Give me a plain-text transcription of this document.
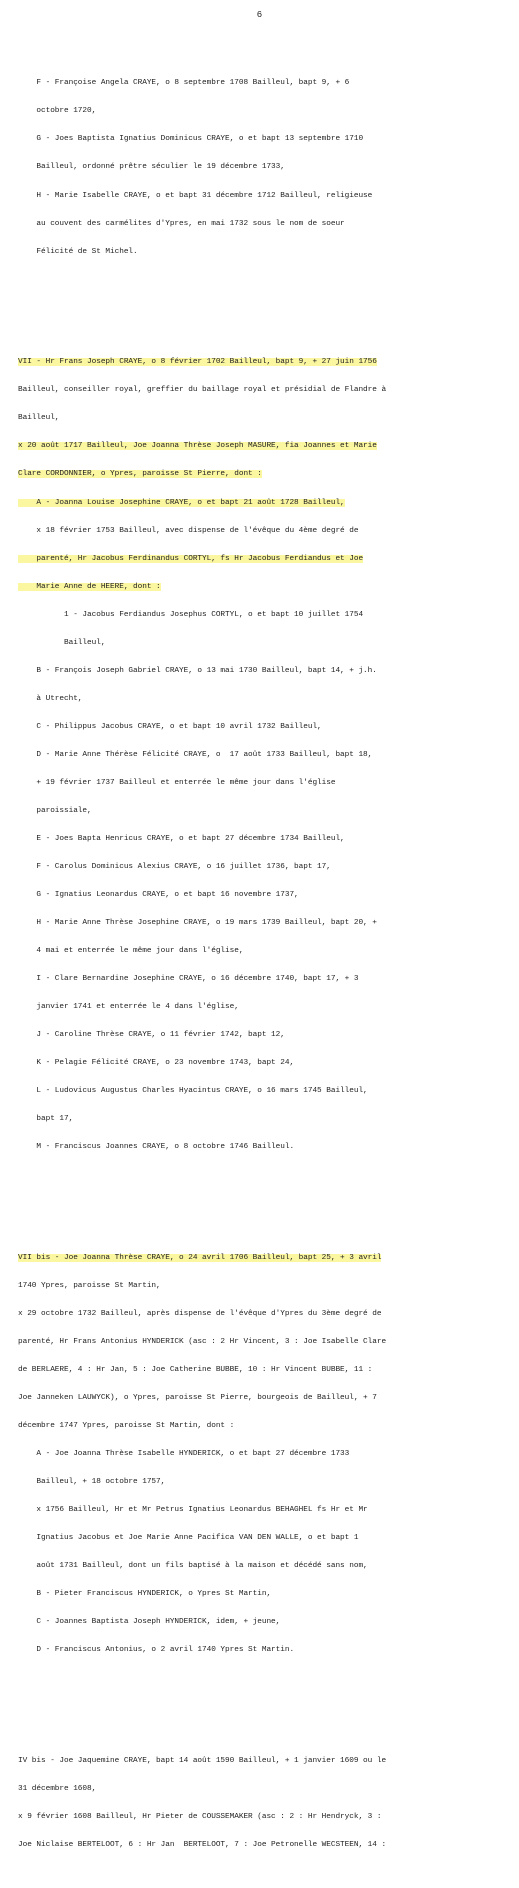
6

F - Françoise Angela CRAYE, o 8 septembre 1708 Bailleul, bapt 9, + 6

octobre 1720,

G - Joes Baptista Ignatius Dominicus CRAYE, o et bapt 13 septembre 1710

Bailleul, ordonné prêtre séculier le 19 décembre 1733,

H - Marie Isabelle CRAYE, o et bapt 31 décembre 1712 Bailleul, religieuse

au couvent des carmélites d'Ypres, en mai 1732 sous le nom de soeur

Félicité de St Michel.

VII - Hr Frans Joseph CRAYE, o 8 février 1702 Bailleul, bapt 9, + 27 juin 1756

Bailleul, conseiller royal, greffier du baillage royal et présidial de Flandre à

Bailleul,

x 20 août 1717 Bailleul, Joe Joanna Thrèse Joseph MASURE, fia Joannes et Marie

Clare CORDONNIER, o Ypres, paroisse St Pierre, dont :

A - Joanna Louise Josephine CRAYE, o et bapt 21 août 1728 Bailleul,

x 18 février 1753 Bailleul, avec dispense de l'évêque du 4ème degré de

parenté, Hr Jacobus Ferdinandus CORTYL, fs Hr Jacobus Ferdiandus et Joe

Marie Anne de HEERE, dont :

1 - Jacobus Ferdiandus Josephus CORTYL, o et bapt 10 juillet 1754

Bailleul,

B - François Joseph Gabriel CRAYE, o 13 mai 1730 Bailleul, bapt 14, + j.h.

à Utrecht,

C - Philippus Jacobus CRAYE, o et bapt 10 avril 1732 Bailleul,

D - Marie Anne Thérèse Félicité CRAYE, o  17 août 1733 Bailleul, bapt 18,

+ 19 février 1737 Bailleul et enterrée le même jour dans l'église

paroissiale,

E - Joes Bapta Henricus CRAYE, o et bapt 27 décembre 1734 Bailleul,

F - Carolus Dominicus Alexius CRAYE, o 16 juillet 1736, bapt 17,

G - Ignatius Leonardus CRAYE, o et bapt 16 novembre 1737,

H - Marie Anne Thrèse Josephine CRAYE, o 19 mars 1739 Bailleul, bapt 20, +

4 mai et enterrée le même jour dans l'église,

I - Clare Bernardine Josephine CRAYE, o 16 décembre 1740, bapt 17, + 3

janvier 1741 et enterrée le 4 dans l'église,

J - Caroline Thrèse CRAYE, o 11 février 1742, bapt 12,

K - Pelagie Félicité CRAYE, o 23 novembre 1743, bapt 24,

L - Ludovicus Augustus Charles Hyacintus CRAYE, o 16 mars 1745 Bailleul,

bapt 17,

M - Franciscus Joannes CRAYE, o 8 octobre 1746 Bailleul.

VII bis - Joe Joanna Thrèse CRAYE, o 24 avril 1706 Bailleul, bapt 25, + 3 avril

1740 Ypres, paroisse St Martin,

x 29 octobre 1732 Bailleul, après dispense de l'évêque d'Ypres du 3ème degré de

parenté, Hr Frans Antonius HYNDERICK (asc : 2 Hr Vincent, 3 : Joe Isabelle Clare

de BERLAERE, 4 : Hr Jan, 5 : Joe Catherine BUBBE, 10 : Hr Vincent BUBBE, 11 :

Joe Janneken LAUWYCK), o Ypres, paroisse St Pierre, bourgeois de Bailleul, + 7

décembre 1747 Ypres, paroisse St Martin, dont :

A - Joe Joanna Thrèse Isabelle HYNDERICK, o et bapt 27 décembre 1733

Bailleul, + 18 octobre 1757,

x 1756 Bailleul, Hr et Mr Petrus Ignatius Leonardus BEHAGHEL fs Hr et Mr

Ignatius Jacobus et Joe Marie Anne Pacifica VAN DEN WALLE, o et bapt 1

août 1731 Bailleul, dont un fils baptisé à la maison et décédé sans nom,

B - Pieter Franciscus HYNDERICK, o Ypres St Martin,

C - Joannes Baptista Joseph HYNDERICK, idem, + jeune,

D - Franciscus Antonius, o 2 avril 1740 Ypres St Martin.

IV bis - Joe Jaquemine CRAYE, bapt 14 août 1590 Bailleul, + 1 janvier 1609 ou le

31 décembre 1608,

x 9 février 1608 Bailleul, Hr Pieter de COUSSEMAKER (asc : 2 : Hr Hendryck, 3 :

Joe Niclaise BERTELOOT, 6 : Hr Jan  BERTELOOT, 7 : Joe Petronelle WECSTEEN, 14 :
